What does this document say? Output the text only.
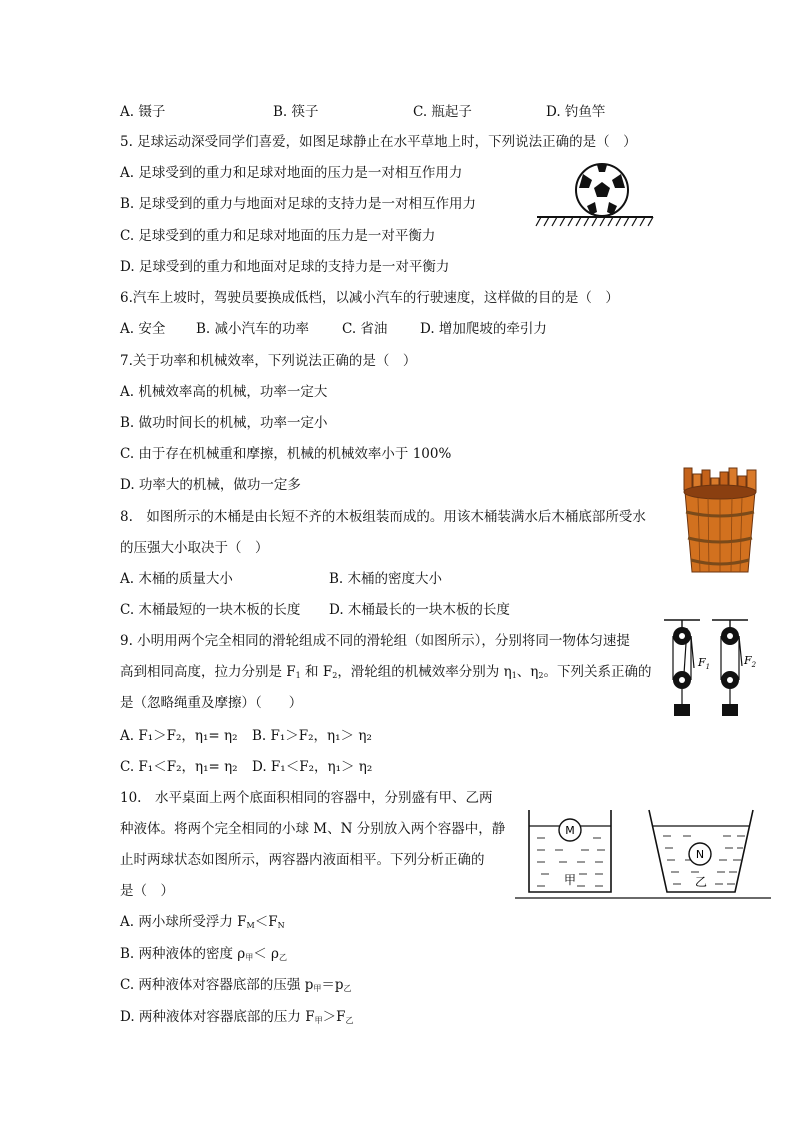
A. 镊子	B. 筷子	C. 瓶起子	D. 钓鱼竿
5. 足球运动深受同学们喜爱，如图足球静止在水平草地上时，下列说法正确的是（　）
A. 足球受到的重力和足球对地面的压力是一对相互作用力
B. 足球受到的重力与地面对足球的支持力是一对相互作用力
C. 足球受到的重力和足球对地面的压力是一对平衡力
D. 足球受到的重力和地面对足球的支持力是一对平衡力
6.汽车上坡时，驾驶员要换成低档，以减小汽车的行驶速度，这样做的目的是（　）
A. 安全 B. 减小汽车的功率 C. 省油 D. 增加爬坡的牵引力
7.关于功率和机械效率，下列说法正确的是（　）
A. 机械效率高的机械，功率一定大
B. 做功时间长的机械，功率一定小
C. 由于存在机械重和摩擦，机械的机械效率小于 100%
D. 功率大的机械，做功一定多
8.　如图所示的木桶是由长短不齐的木板组装而成的。用该木桶装满水后木桶底部所受水
的压强大小取决于（　）
A. 木桶的质量大小	B. 木桶的密度大小
C. 木桶最短的一块木板的长度 D. 木桶最长的一块木板的长度
9. 小明用两个完全相同的滑轮组成不同的滑轮组（如图所示），分别将同一物体匀速提
高到相同高度，拉力分别是 F1 和 F2，滑轮组的机械效率分别为 η1、η2。下列关系正确的
是（忽略绳重及摩擦）（　　）
A. F₁＞F₂，η₁= η₂ B. F₁＞F₂，η₁＞ η₂
C. F₁＜F₂，η₁= η₂ D. F₁＜F₂，η₁＞ η₂
$F_1$	$F_2$
10.　水平桌面上两个底面积相同的容器中，分别盛有甲、乙两
种液体。将两个完全相同的小球 M、N 分别放入两个容器中，静
止时两球状态如图所示，两容器内液面相平。下列分析正确的
是（　）
A. 两小球所受浮力 FM＜FN
B. 两种液体的密度 ρ甲＜ ρ乙
C. 两种液体对容器底部的压强 p甲＝p乙
D. 两种液体对容器底部的压力 F甲＞F乙
M
N
甲	乙
